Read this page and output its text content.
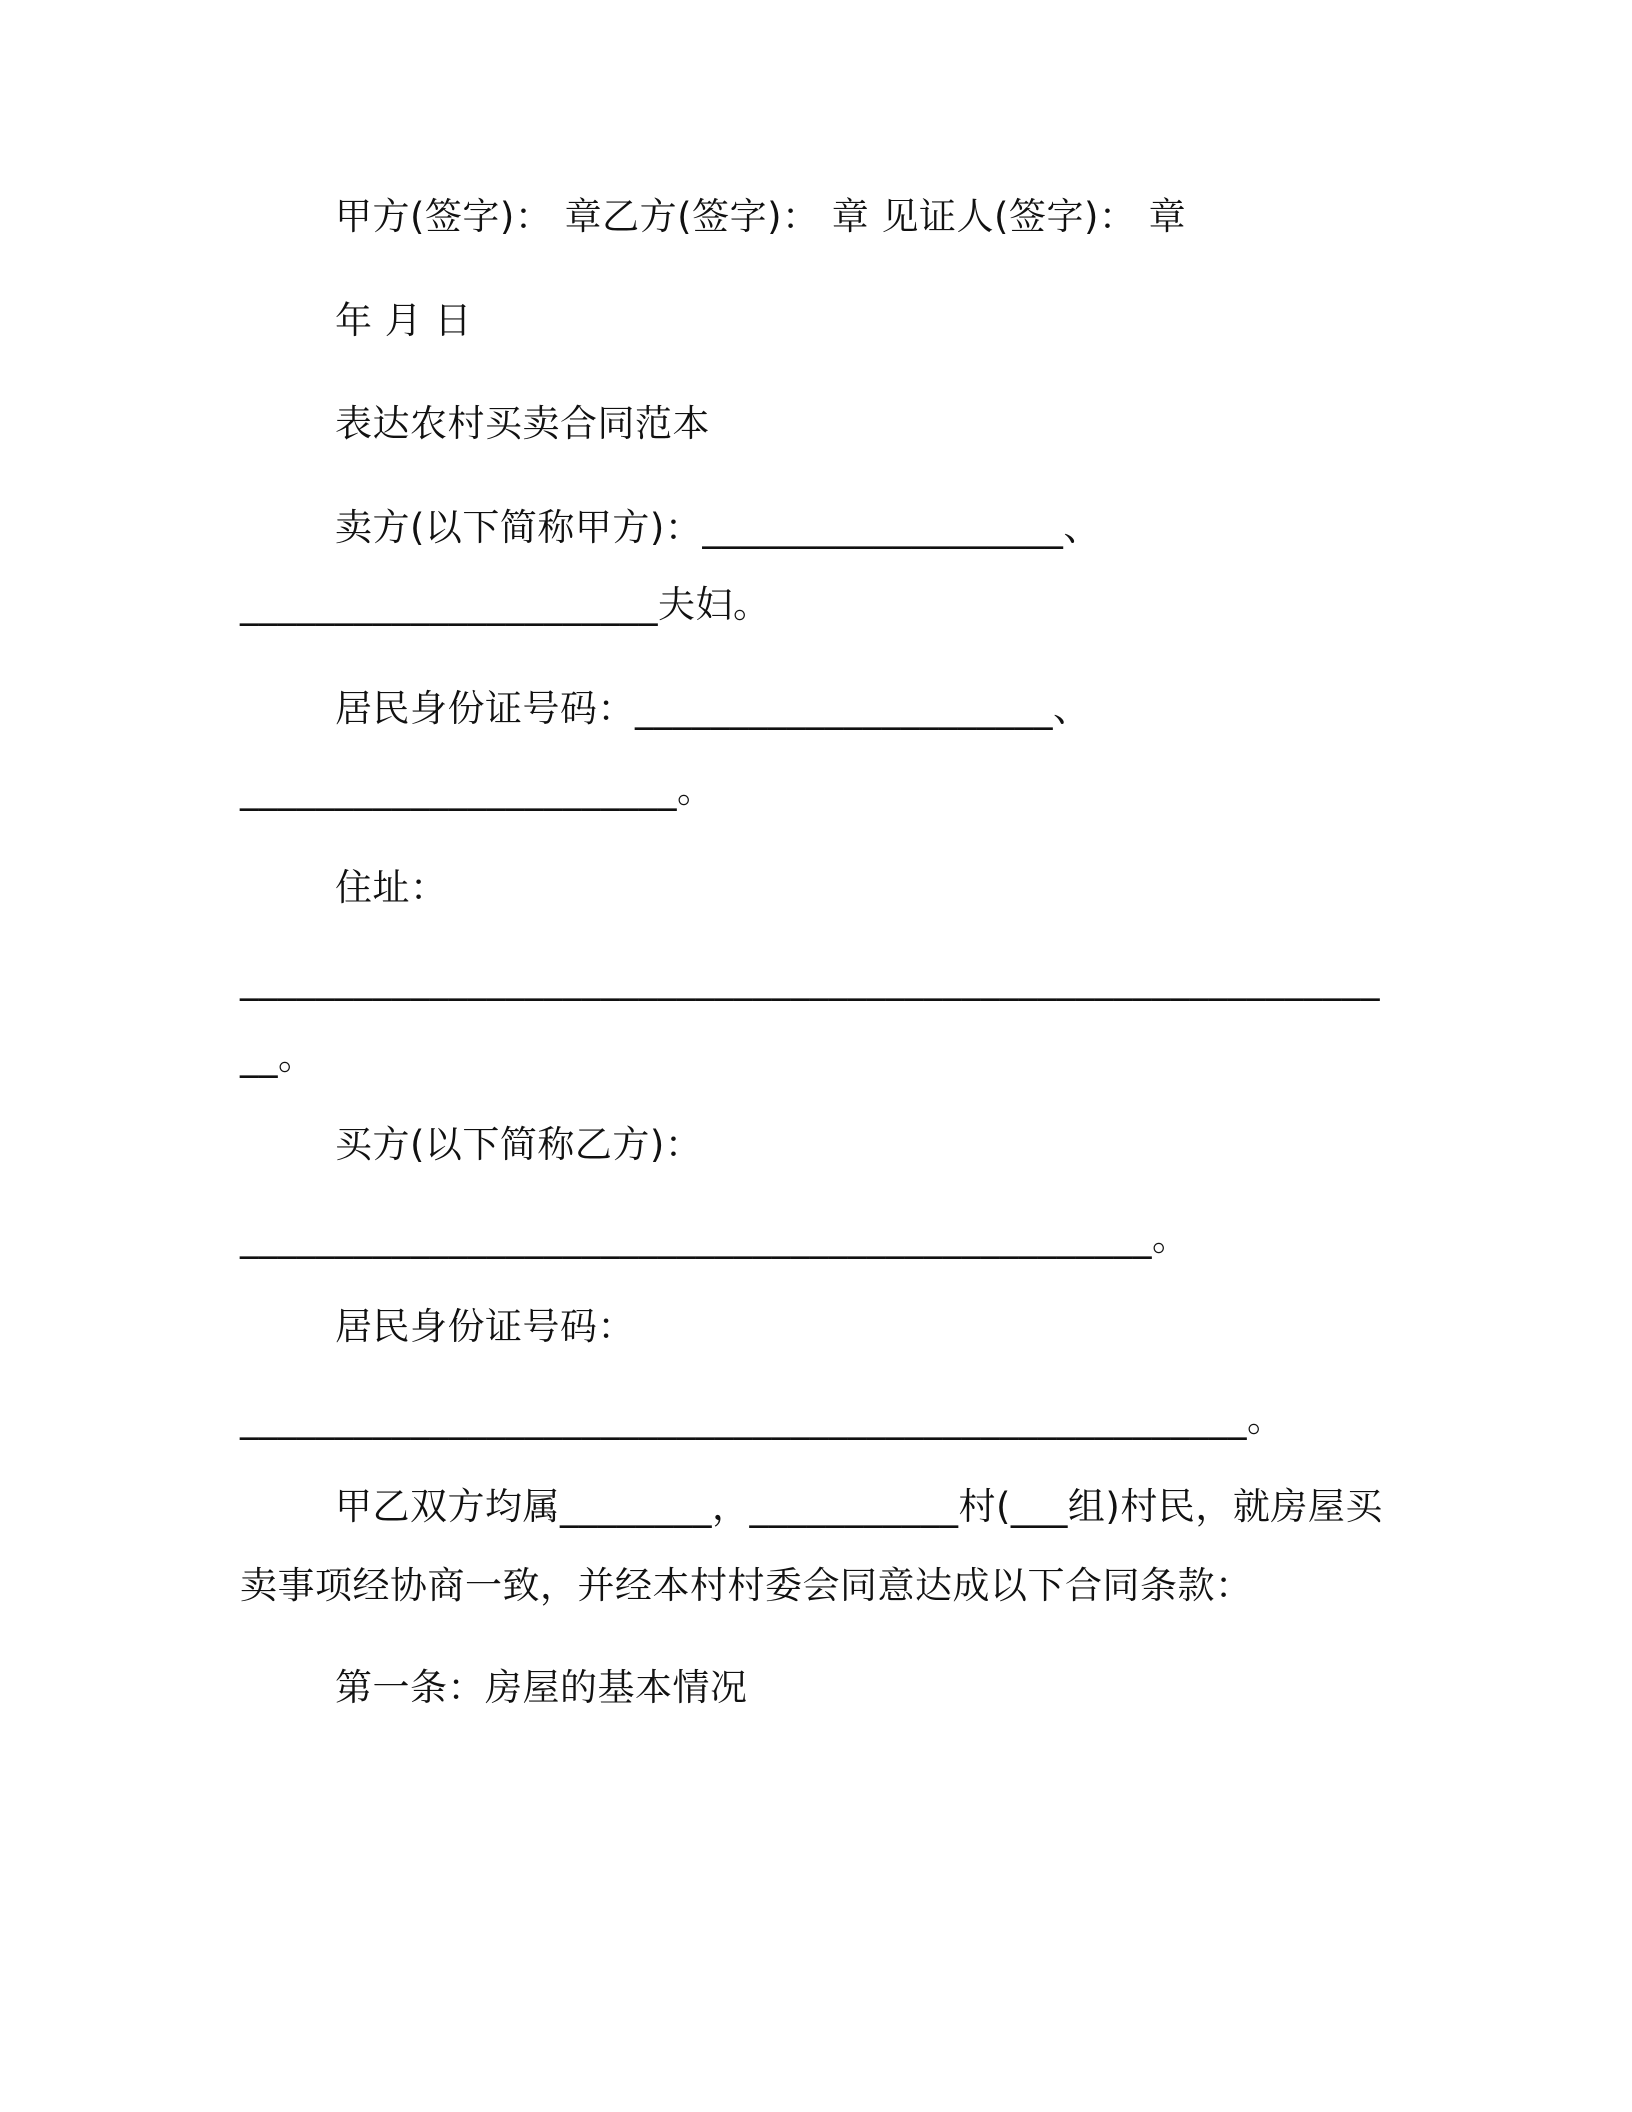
甲方(签字)： 章乙方(签字)： 章 见证人(签字)： 章
年 月 日
表达农村买卖合同范本
卖方(以下简称甲方)：___________________、
______________________夫妇。
居民身份证号码：______________________、
_______________________。
住址：
____________________________________________________________
__。
买方(以下简称乙方)：
________________________________________________。
居民身份证号码：
_____________________________________________________。
甲乙双方均属________，___________村(___组)村民，就房屋买
卖事项经协商一致，并经本村村委会同意达成以下合同条款：
第一条：房屋的基本情况
